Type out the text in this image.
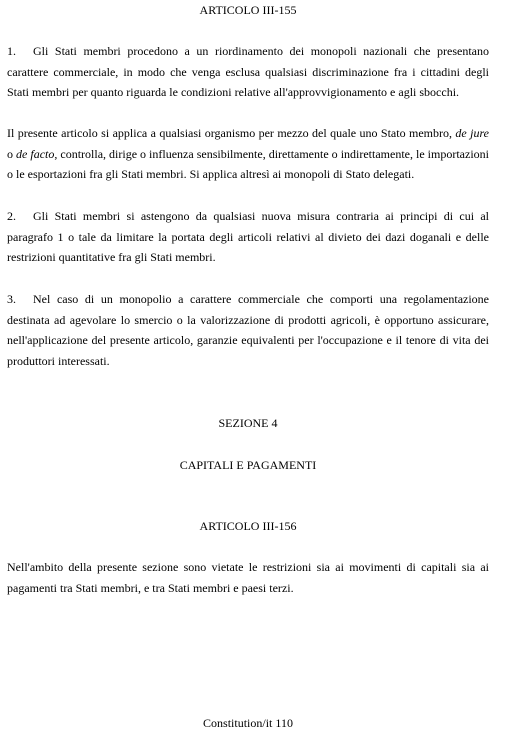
ARTICOLO III-155

1. Gli Stati membri procedono a un riordinamento dei monopoli nazionali che presentano carattere commerciale, in modo che venga esclusa qualsiasi discriminazione fra i cittadini degli Stati membri per quanto riguarda le condizioni relative all'approvvigionamento e agli sbocchi.

Il presente articolo si applica a qualsiasi organismo per mezzo del quale uno Stato membro, de jure o de facto, controlla, dirige o influenza sensibilmente, direttamente o indirettamente, le importazioni o le esportazioni fra gli Stati membri. Si applica altresì ai monopoli di Stato delegati.

2. Gli Stati membri si astengono da qualsiasi nuova misura contraria ai principi di cui al paragrafo 1 o tale da limitare la portata degli articoli relativi al divieto dei dazi doganali e delle restrizioni quantitative fra gli Stati membri.

3. Nel caso di un monopolio a carattere commerciale che comporti una regolamentazione destinata ad agevolare lo smercio o la valorizzazione di prodotti agricoli, è opportuno assicurare, nell'applicazione del presente articolo, garanzie equivalenti per l'occupazione e il tenore di vita dei produttori interessati.

SEZIONE 4
CAPITALI E PAGAMENTI
ARTICOLO III-156

Nell'ambito della presente sezione sono vietate le restrizioni sia ai movimenti di capitali sia ai pagamenti tra Stati membri, e tra Stati membri e paesi terzi.

Constitution/it 110
